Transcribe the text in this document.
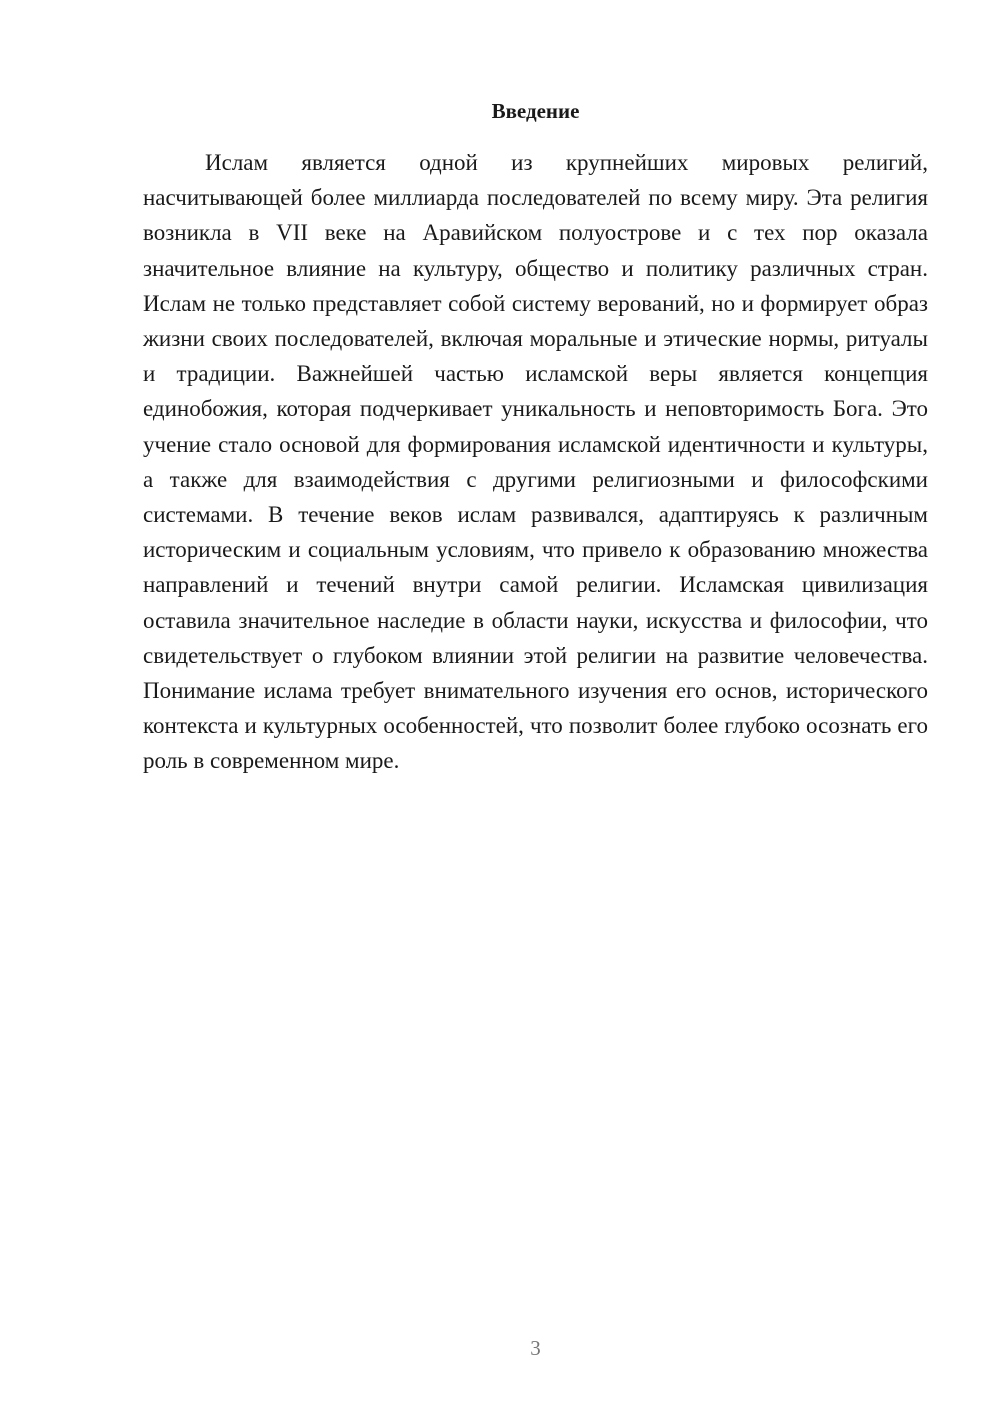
Введение

Ислам является одной из крупнейших мировых религий, насчитывающей более миллиарда последователей по всему миру. Эта религия возникла в VII веке на Аравийском полуострове и с тех пор оказала значительное влияние на культуру, общество и политику различных стран. Ислам не только представляет собой систему верований, но и формирует образ жизни своих последователей, включая моральные и этические нормы, ритуалы и традиции. Важнейшей частью исламской веры является концепция единобожия, которая подчеркивает уникальность и неповторимость Бога. Это учение стало основой для формирования исламской идентичности и культуры, а также для взаимодействия с другими религиозными и философскими системами. В течение веков ислам развивался, адаптируясь к различным историческим и социальным условиям, что привело к образованию множества направлений и течений внутри самой религии. Исламская цивилизация оставила значительное наследие в области науки, искусства и философии, что свидетельствует о глубоком влиянии этой религии на развитие человечества. Понимание ислама требует внимательного изучения его основ, исторического контекста и культурных особенностей, что позволит более глубоко осознать его роль в современном мире.

3
